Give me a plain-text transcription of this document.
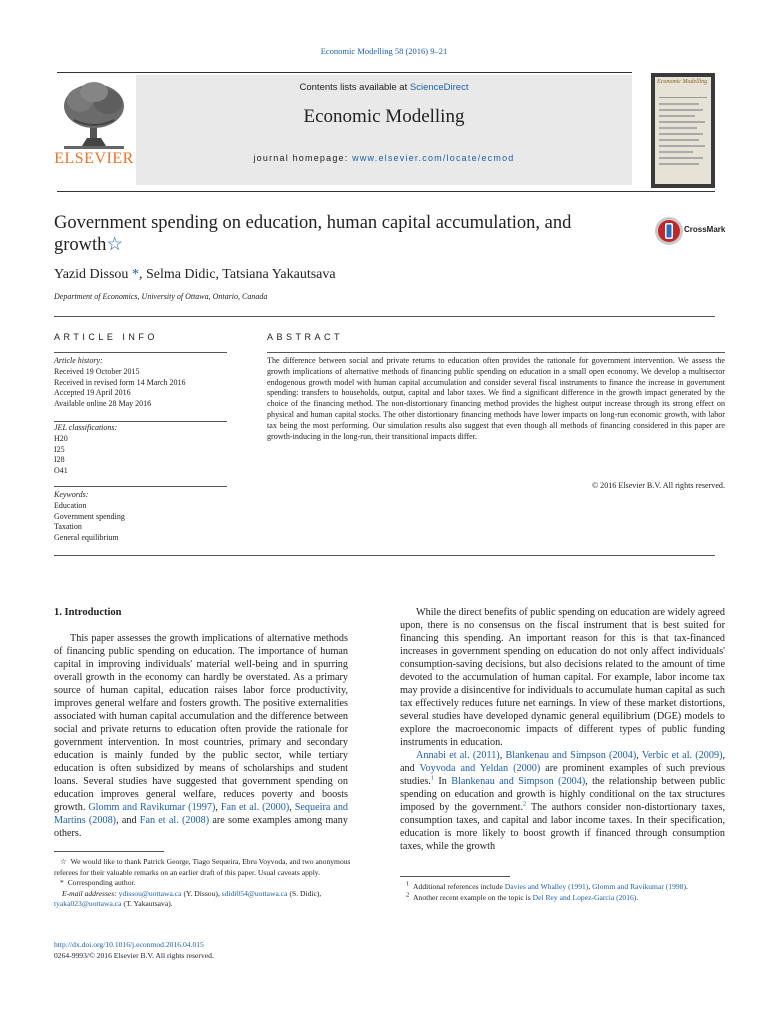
Economic Modelling 58 (2016) 9–21
ELSEVIER
Contents lists available at ScienceDirect
Economic Modelling
journal homepage: www.elsevier.com/locate/ecmod
Economic Modelling
Government spending on education, human capital accumulation, and growth☆
CrossMark
Yazid Dissou *, Selma Didic, Tatsiana Yakautsava
Department of Economics, University of Ottawa, Ontario, Canada
ARTICLE INFO
Article history:
Received 19 October 2015
Received in revised form 14 March 2016
Accepted 19 April 2016
Available online 28 May 2016
JEL classifications:
H20
I25
I28
O41
Keywords:
Education
Government spending
Taxation
General equilibrium
ABSTRACT
The difference between social and private returns to education often provides the rationale for government intervention. We assess the growth implications of alternative methods of financing public spending on education in a small open economy. We develop a multisector endogenous growth model with human capital accumulation and consider several fiscal instruments to finance the increase in government spending: transfers to households, output, capital and labor taxes. We find a significant difference in the growth impact generated by the choice of the financing method. The non-distortionary financing method provides the highest output increase through its strong effect on physical and human capital stocks. The other distortionary financing methods have lower impacts on long-run economic growth, with labor tax being the most performing. Our simulation results also suggest that even though all methods of financing considered in this paper are growth-inducing in the long-run, their transitional impacts differ.
© 2016 Elsevier B.V. All rights reserved.
1. Introduction

This paper assesses the growth implications of alternative methods of financing public spending on education. The importance of human capital in improving individuals' material well-being and in spurring overall growth in the economy can hardly be overstated. As a primary source of human capital, education raises labor force productivity, improves general welfare and fosters growth. The positive externalities associated with human capital accumulation and the difference between social and private returns to education often provide the rationale for government intervention. In most countries, primary and secondary education is mainly funded by the public sector, while tertiary education is often subsidized by means of scholarships and student loans. Several studies have suggested that government spending on education improves general welfare, reduces poverty and boosts growth. Glomm and Ravikumar (1997), Fan et al. (2000), Sequeira and Martins (2008), and Fan et al. (2008) are some examples among many others.

While the direct benefits of public spending on education are widely agreed upon, there is no consensus on the fiscal instrument that is best suited for financing this spending. An important reason for this is that tax-financed increases in government spending on education do not only affect individuals' consumption-saving decisions, but also decisions related to the amount of time devoted to the accumulation of human capital. For example, labor income tax may provide a disincentive for individuals to accumulate human capital as such tax effectively reduces future net earnings. In view of these market distortions, several studies have developed dynamic general equilibrium (DGE) models to explore the macroeconomic impacts of different types of public funding instruments in education.

Annabi et al. (2011), Blankenau and Simpson (2004), Verbic et al. (2009), and Voyvoda and Yeldan (2000) are prominent examples of such previous studies.$^1$ In Blankenau and Simpson (2004), the relationship between public spending on education and growth is highly conditional on the tax structures imposed by the government.$^2$ The authors consider non-distortionary taxes, consumption taxes, and capital and labor income taxes. In their specification, education is more likely to boost growth if financed through consumption taxes, while the growth

☆ We would like to thank Patrick George, Tiago Sequeira, Ebru Voyvoda, and two anonymous referees for their valuable remarks on an earlier draft of this paper. Usual caveats apply.
* Corresponding author.
E-mail addresses: ydissou@uottawa.ca (Y. Dissou), sdidi054@uottawa.ca (S. Didic), tyaka023@uottawa.ca (T. Yakautsava).
$^1$ Additional references include Davies and Whalley (1991), Glomm and Ravikumar (1998).
$^2$ Another recent example on the topic is Del Rey and Lopez-Garcia (2016).
http://dx.doi.org/10.1016/j.econmod.2016.04.015
0264-9993/© 2016 Elsevier B.V. All rights reserved.
